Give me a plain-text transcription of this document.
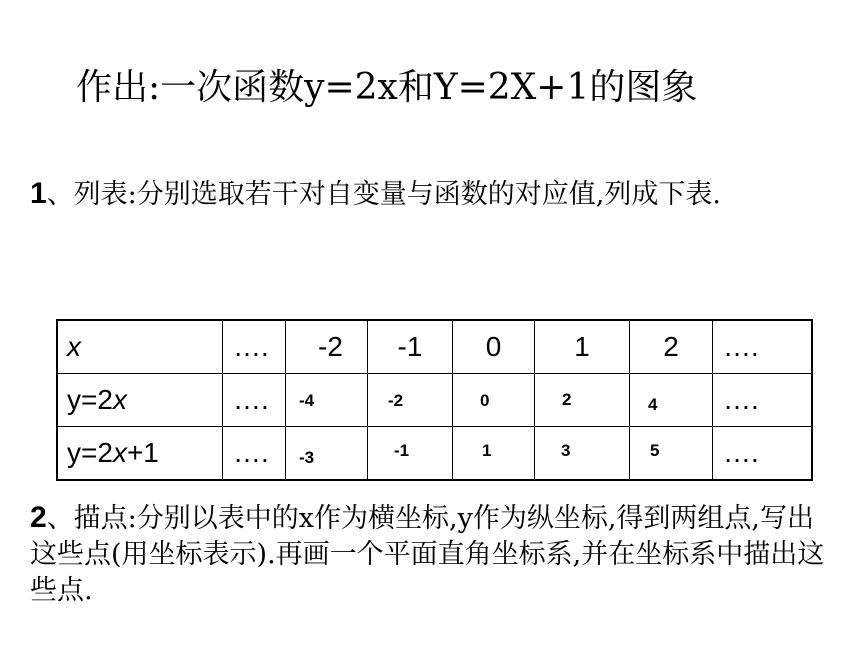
作出:一次函数y=2x和Y=2X+1的图象
1、列表:分别选取若干对自变量与函数的对应值,列成下表.
x	….	-2	-1	0	1	2	….
y=2x	….	-4	-2	0	2	4	….
y=2x+1	….	-3	-1	1	3	5	….
2、描点:分别以表中的x作为横坐标,y作为纵坐标,得到两组点,写出这些点(用坐标表示).再画一个平面直角坐标系,并在坐标系中描出这些点.
